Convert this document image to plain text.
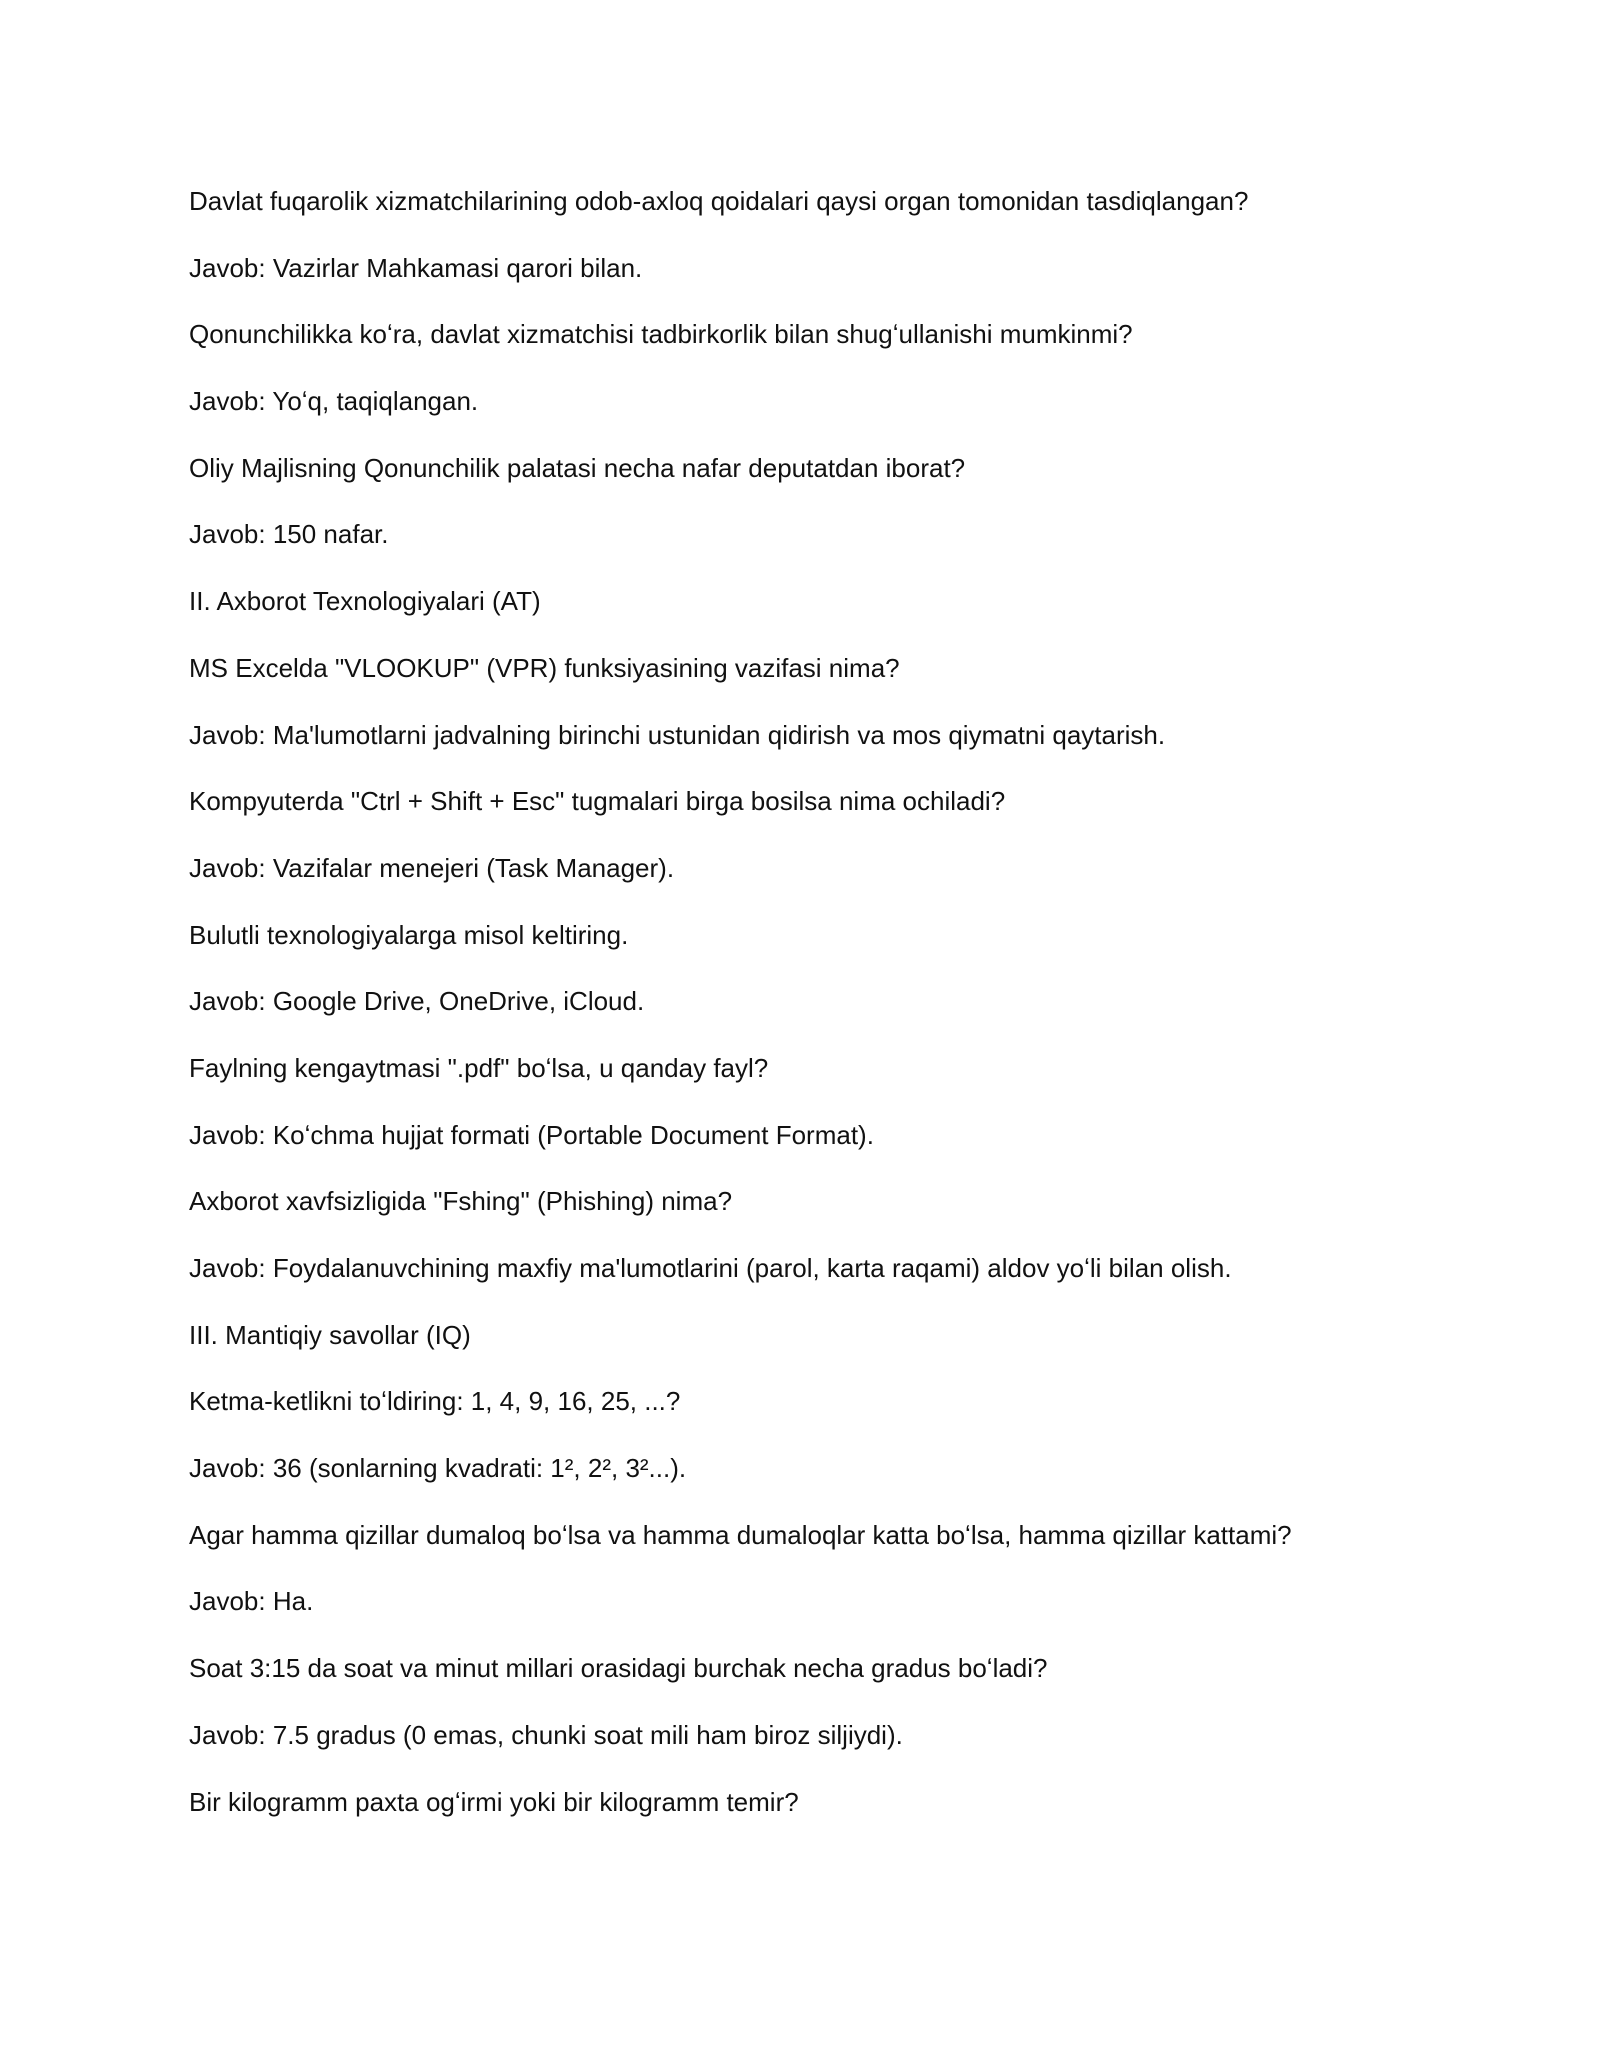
Davlat fuqarolik xizmatchilarining odob-axloq qoidalari qaysi organ tomonidan tasdiqlangan?

Javob: Vazirlar Mahkamasi qarori bilan.

Qonunchilikka koʻra, davlat xizmatchisi tadbirkorlik bilan shugʻullanishi mumkinmi?

Javob: Yoʻq, taqiqlangan.

Oliy Majlisning Qonunchilik palatasi necha nafar deputatdan iborat?

Javob: 150 nafar.

II. Axborot Texnologiyalari (AT)

MS Excelda "VLOOKUP" (VPR) funksiyasining vazifasi nima?

Javob: Ma'lumotlarni jadvalning birinchi ustunidan qidirish va mos qiymatni qaytarish.

Kompyuterda "Ctrl + Shift + Esc" tugmalari birga bosilsa nima ochiladi?

Javob: Vazifalar menejeri (Task Manager).

Bulutli texnologiyalarga misol keltiring.

Javob: Google Drive, OneDrive, iCloud.

Faylning kengaytmasi ".pdf" boʻlsa, u qanday fayl?

Javob: Koʻchma hujjat formati (Portable Document Format).

Axborot xavfsizligida "Fshing" (Phishing) nima?

Javob: Foydalanuvchining maxfiy ma'lumotlarini (parol, karta raqami) aldov yoʻli bilan olish.

III. Mantiqiy savollar (IQ)

Ketma-ketlikni toʻldiring: 1, 4, 9, 16, 25, ...?

Javob: 36 (sonlarning kvadrati: 1², 2², 3²...).

Agar hamma qizillar dumaloq boʻlsa va hamma dumaloqlar katta boʻlsa, hamma qizillar kattami?

Javob: Ha.

Soat 3:15 da soat va minut millari orasidagi burchak necha gradus boʻladi?

Javob: 7.5 gradus (0 emas, chunki soat mili ham biroz siljiydi).

Bir kilogramm paxta ogʻirmi yoki bir kilogramm temir?
